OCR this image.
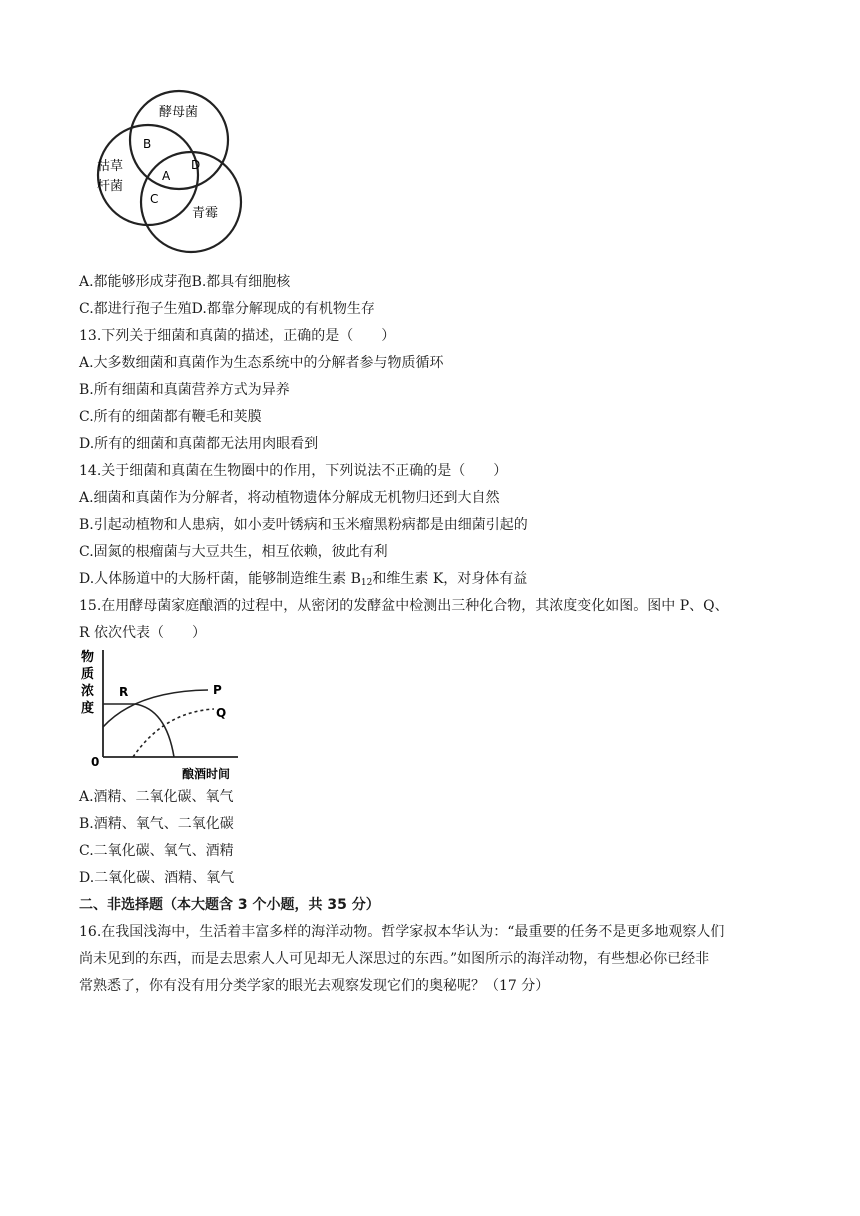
酵母菌
枯草
杆菌
青霉
B
A
C
D
A.都能够形成芽孢B.都具有细胞核
C.都进行孢子生殖D.都靠分解现成的有机物生存
13.下列关于细菌和真菌的描述，正确的是（　　）
A.大多数细菌和真菌作为生态系统中的分解者参与物质循环
B.所有细菌和真菌营养方式为异养
C.所有的细菌都有鞭毛和荚膜
D.所有的细菌和真菌都无法用肉眼看到
14.关于细菌和真菌在生物圈中的作用，下列说法不正确的是（　　）
A.细菌和真菌作为分解者，将动植物遗体分解成无机物归还到大自然
B.引起动植物和人患病，如小麦叶锈病和玉米瘤黑粉病都是由细菌引起的
C.固氮的根瘤菌与大豆共生，相互依赖，彼此有利
D.人体肠道中的大肠杆菌，能够制造维生素 $B_{12}$和维生素 K，对身体有益
15.在用酵母菌家庭酿酒的过程中，从密闭的发酵盆中检测出三种化合物，其浓度变化如图。图中 P、Q、
R 依次代表（　　）
物
质
浓
度
0
酿酒时间
R	P
Q
A.酒精、二氧化碳、氧气
B.酒精、氧气、二氧化碳
C.二氧化碳、氧气、酒精
D.二氧化碳、酒精、氧气
二、非选择题（本大题含 3 个小题，共 35 分）
16.在我国浅海中，生活着丰富多样的海洋动物。哲学家叔本华认为：“最重要的任务不是更多地观察人们
尚未见到的东西，而是去思索人人可见却无人深思过的东西。”如图所示的海洋动物，有些想必你已经非
常熟悉了，你有没有用分类学家的眼光去观察发现它们的奥秘呢？（17 分）
